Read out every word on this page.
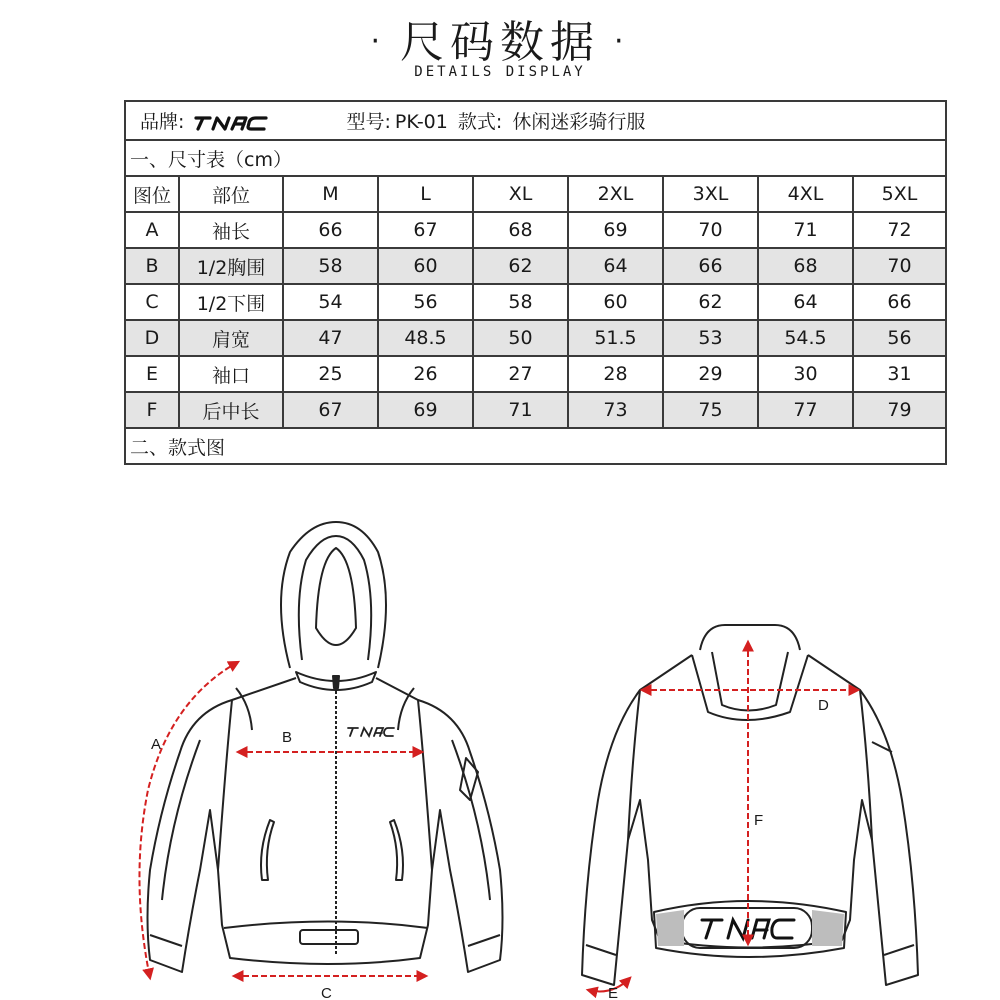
· 尺码数据 ·
DETAILS DISPLAY
品牌: 型号: PK-01 款式: 休闲迷彩骑行服								
一、尺寸表（cm）								
图位	部位	M	L	XL	2XL	3XL	4XL	5XL
A	袖长	66	67	68	69	70	71	72
B	1/2胸围	58	60	62	64	66	68	70
C	1/2下围	54	56	58	60	62	64	66
D	肩宽	47	48.5	50	51.5	53	54.5	56
E	袖口	25	26	27	28	29	30	31
F	后中长	67	69	71	73	75	77	79
二、款式图								
A	B
C
D
E
F
